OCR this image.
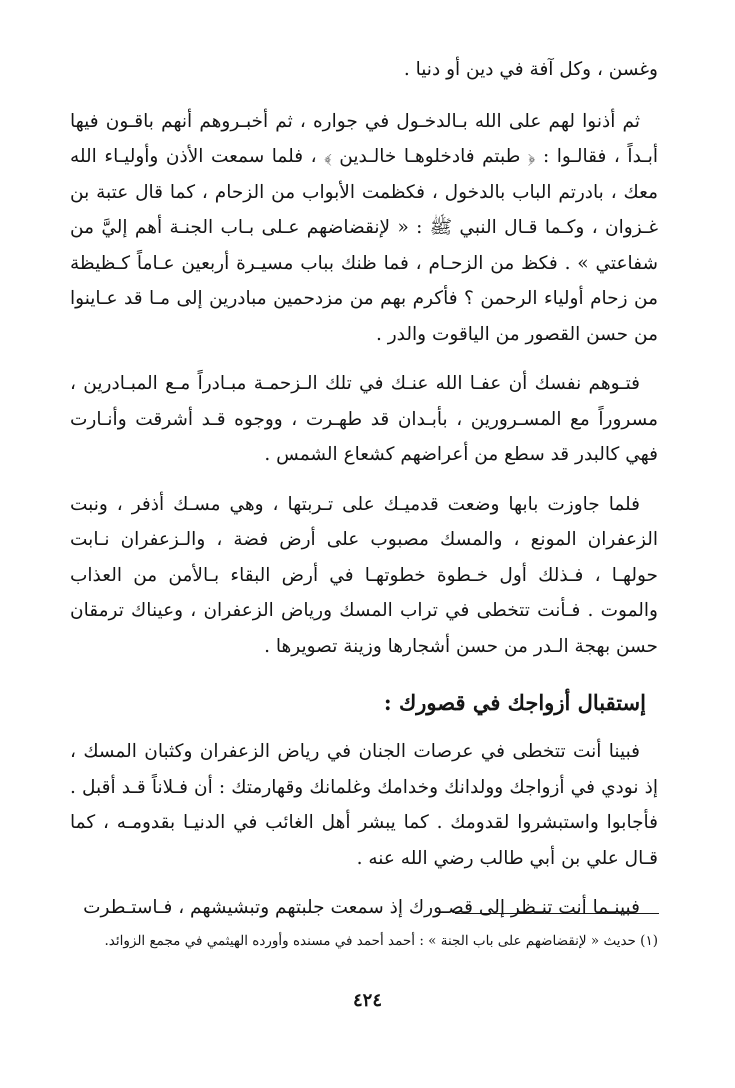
وغسن ، وكل آفة في دين أو دنيا .

ثم أذنوا لهم على الله بـالدخـول في جواره ، ثم أخبـروهم أنهم باقـون فيها أبـداً ، فقالـوا : ﴿ طبتم فادخلوهـا خالـدين ﴾ ، فلما سمعت الأذن وأوليـاء الله معك ، بادرتم الباب بالدخول ، فكظمت الأبواب من الزحام ، كما قال عتبة بن غـزوان ، وكـما قـال النبي ﷺ : « لإنقضاضهم عـلى بـاب الجنـة أهم إليَّ من شفاعتي » . فكظ من الزحـام ، فما ظنك بباب مسيـرة أربعين عـاماً كـظيظة من زحام أولياء الرحمن ؟ فأكرم بهم من مزدحمين مبادرين إلى مـا قد عـاينوا من حسن القصور من الياقوت والدر .

فتـوهم نفسك أن عفـا الله عنـك في تلك الـزحمـة مبـادراً مـع المبـادرين ، مسروراً مع المسـرورين ، بأبـدان قد طهـرت ، ووجوه قـد أشرقت وأنـارت فهي كالبدر قد سطع من أعراضهم كشعاع الشمس .

فلما جاوزت بابها وضعت قدميـك على تـربتها ، وهي مسـك أذفر ، ونبت الزعفران المونع ، والمسك مصبوب على أرض فضة ، والـزعفران نـابت حولهـا ، فـذلك أول خـطوة خطوتهـا في أرض البقاء بـالأمن من العذاب والموت . فـأنت تتخطى في تراب المسك ورياض الزعفران ، وعيناك ترمقان حسن بهجة الـدر من حسن أشجارها وزينة تصويرها .

إستقبال أزواجك في قصورك :

فبينا أنت تتخطى في عرصات الجنان في رياض الزعفران وكثبان المسك ، إذ نودي في أزواجك وولدانك وخدامك وغلمانك وقهارمتك : أن فـلاناً قـد أقبل . فأجابوا واستبشروا لقدومك . كما يبشر أهل الغائب في الدنيـا بقدومـه ، كما قـال علي بن أبي طالب رضي الله عنه .

فبينـما أنت تنـظر إلى قصـورك إذ سمعت جلبتهم وتبشيشهم ، فـاستـطرت

(١) حديث « لإنقضاضهم على باب الجنة » : أحمد أحمد في مسنده وأورده الهيثمي في مجمع الزوائد.
٤٢٤
